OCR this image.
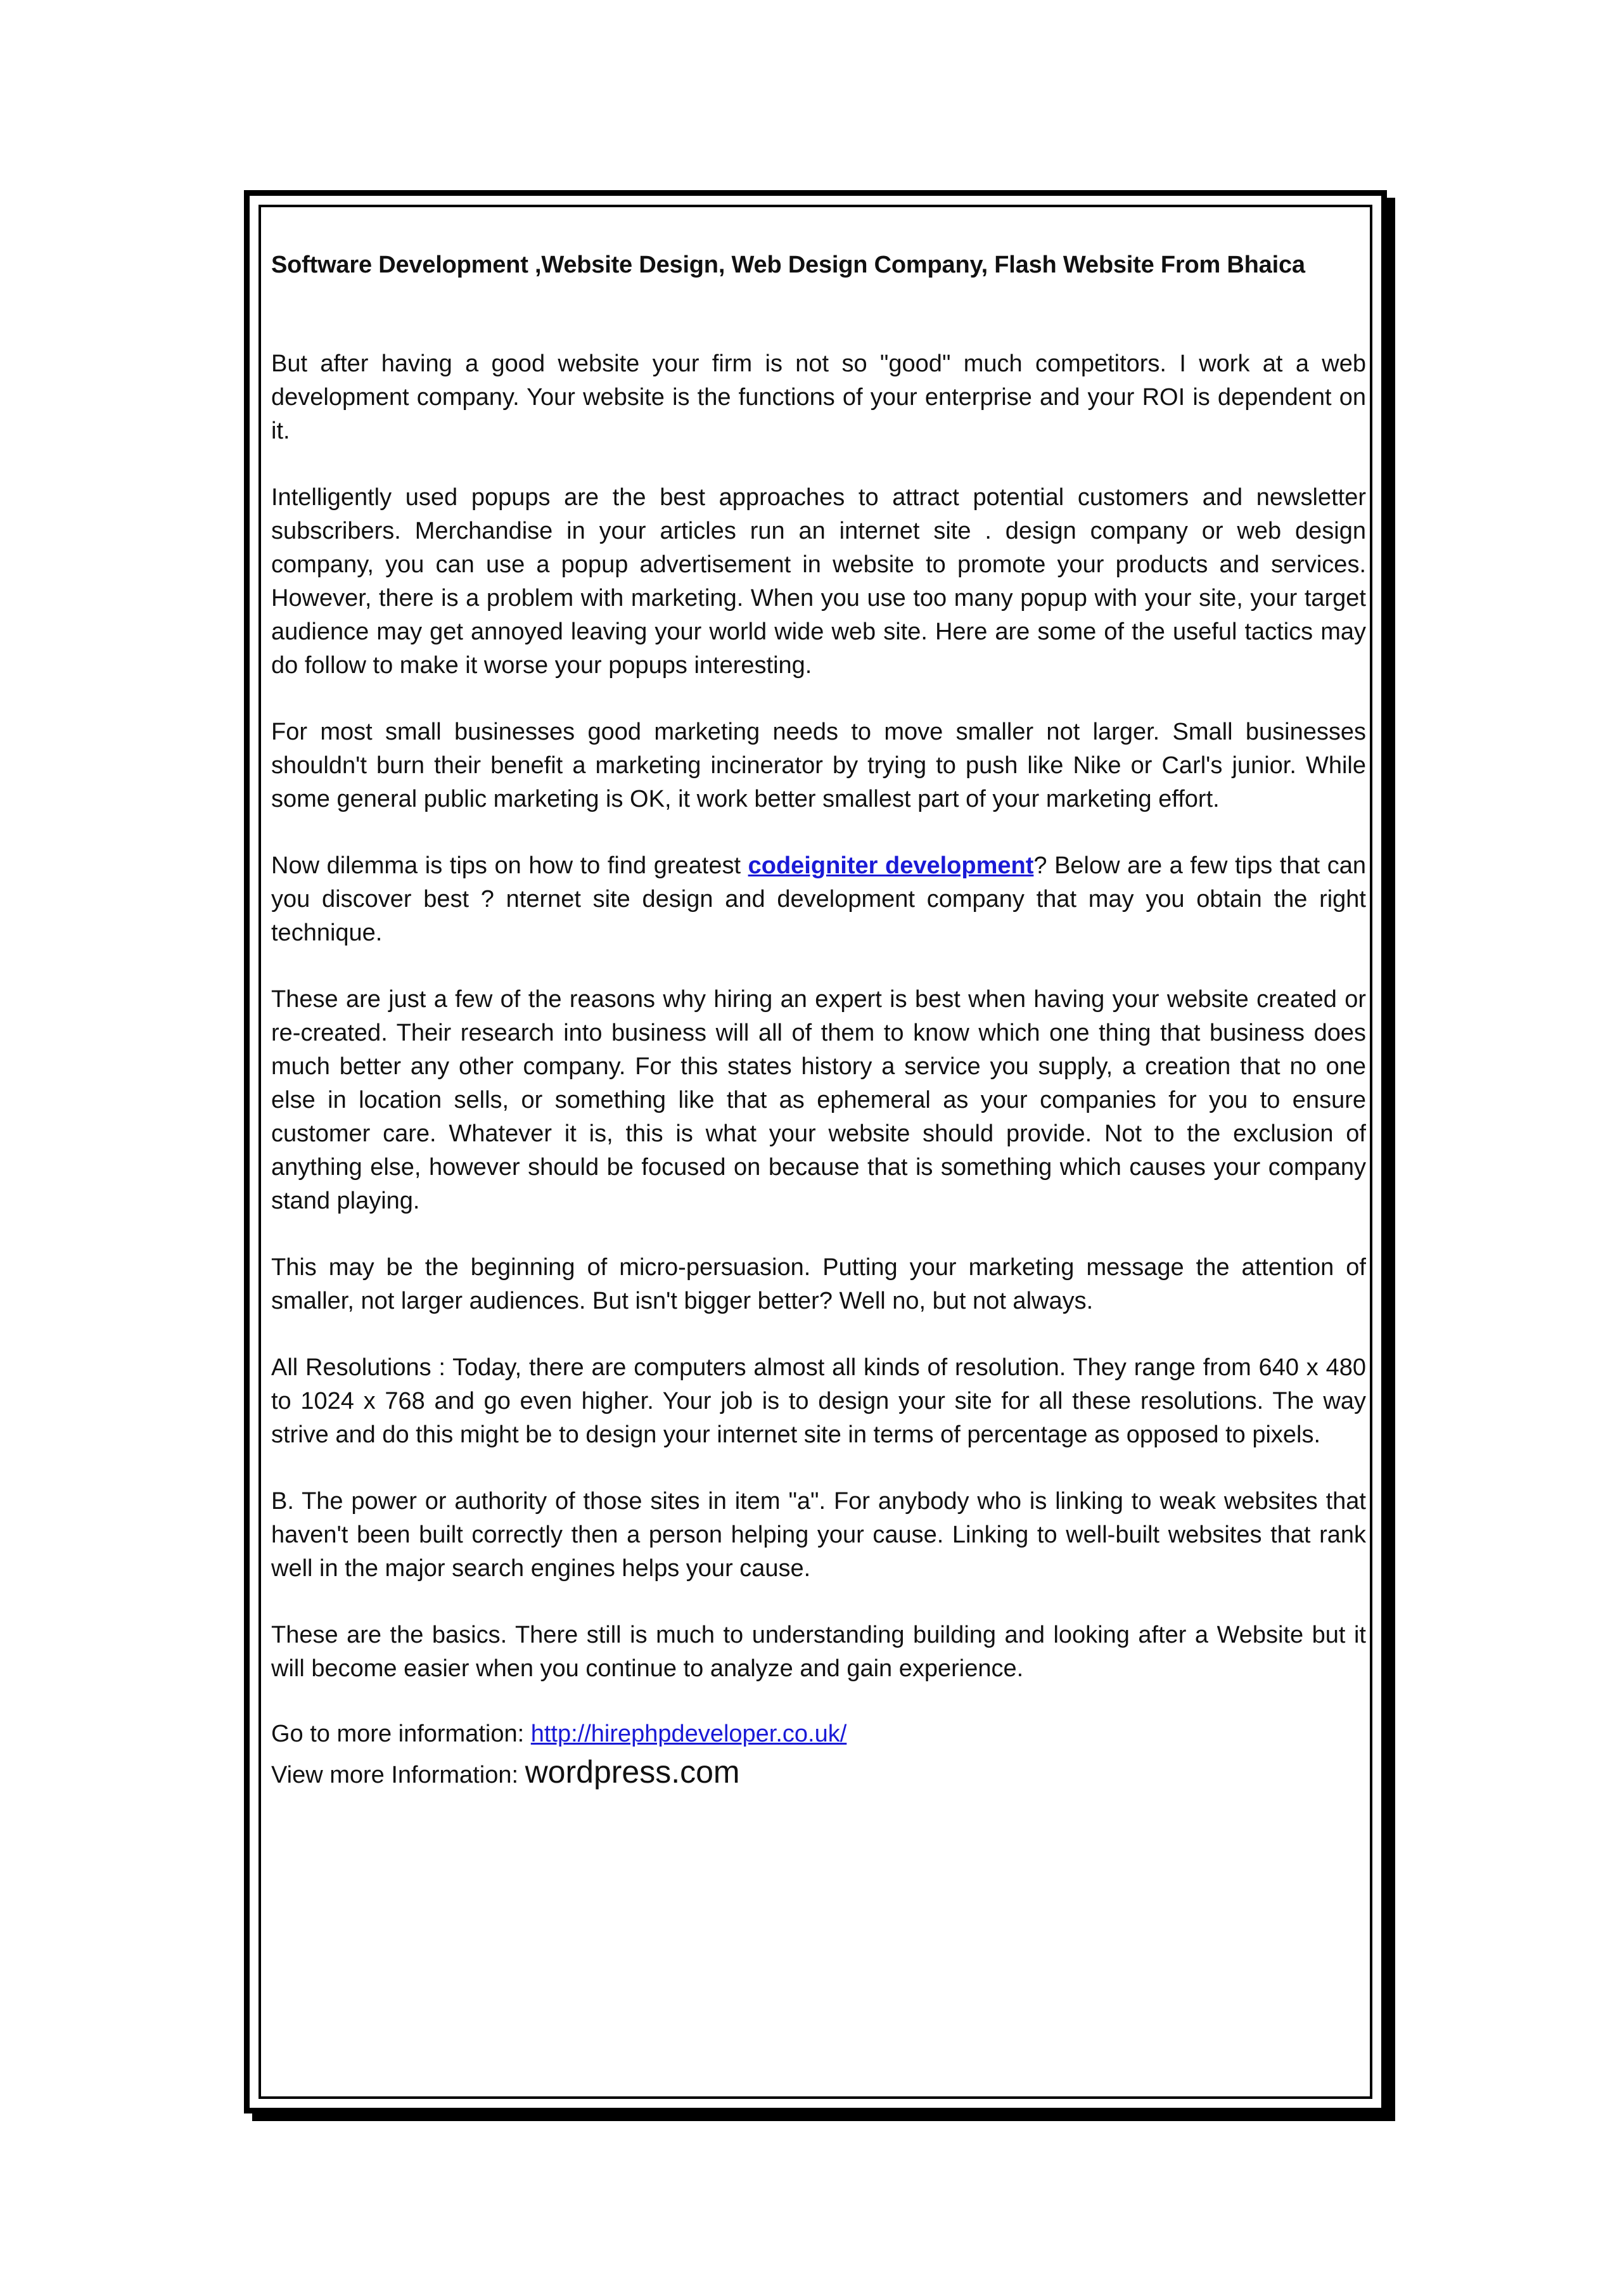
Software Development ,Website Design, Web Design Company, Flash Website From Bhaica

But after having a good website your firm is not so "good" much competitors. I work at a web development company. Your website is the functions of your enterprise and your ROI is dependent on it.

Intelligently used popups are the best approaches to attract potential customers and newsletter subscribers. Merchandise in your articles run an internet site . design company or web design company, you can use a popup advertisement in website to promote your products and services. However, there is a problem with marketing. When you use too many popup with your site, your target audience may get annoyed leaving your world wide web site. Here are some of the useful tactics may do follow to make it worse your popups interesting.

For most small businesses good marketing needs to move smaller not larger. Small businesses shouldn't burn their benefit a marketing incinerator by trying to push like Nike or Carl's junior. While some general public marketing is OK, it work better smallest part of your marketing effort.

Now dilemma is tips on how to find greatest codeigniter development? Below are a few tips that can you discover best ? nternet site design and development company that may you obtain the right technique.

These are just a few of the reasons why hiring an expert is best when having your website created or re-created. Their research into business will all of them to know which one thing that business does much better any other company. For this states history a service you supply, a creation that no one else in location sells, or something like that as ephemeral as your companies for you to ensure customer care. Whatever it is, this is what your website should provide. Not to the exclusion of anything else, however should be focused on because that is something which causes your company stand playing.

This may be the beginning of micro-persuasion. Putting your marketing message the attention of smaller, not larger audiences. But isn't bigger better? Well no, but not always.

All Resolutions : Today, there are computers almost all kinds of resolution. They range from 640 x 480 to 1024 x 768 and go even higher. Your job is to design your site for all these resolutions. The way strive and do this might be to design your internet site in terms of percentage as opposed to pixels.

B. The power or authority of those sites in item "a". For anybody who is linking to weak websites that haven't been built correctly then a person helping your cause. Linking to well-built websites that rank well in the major search engines helps your cause.

These are the basics. There still is much to understanding building and looking after a Website but it will become easier when you continue to analyze and gain experience.

Go to more information: http://hirephpdeveloper.co.uk/

View more Information: wordpress.com
